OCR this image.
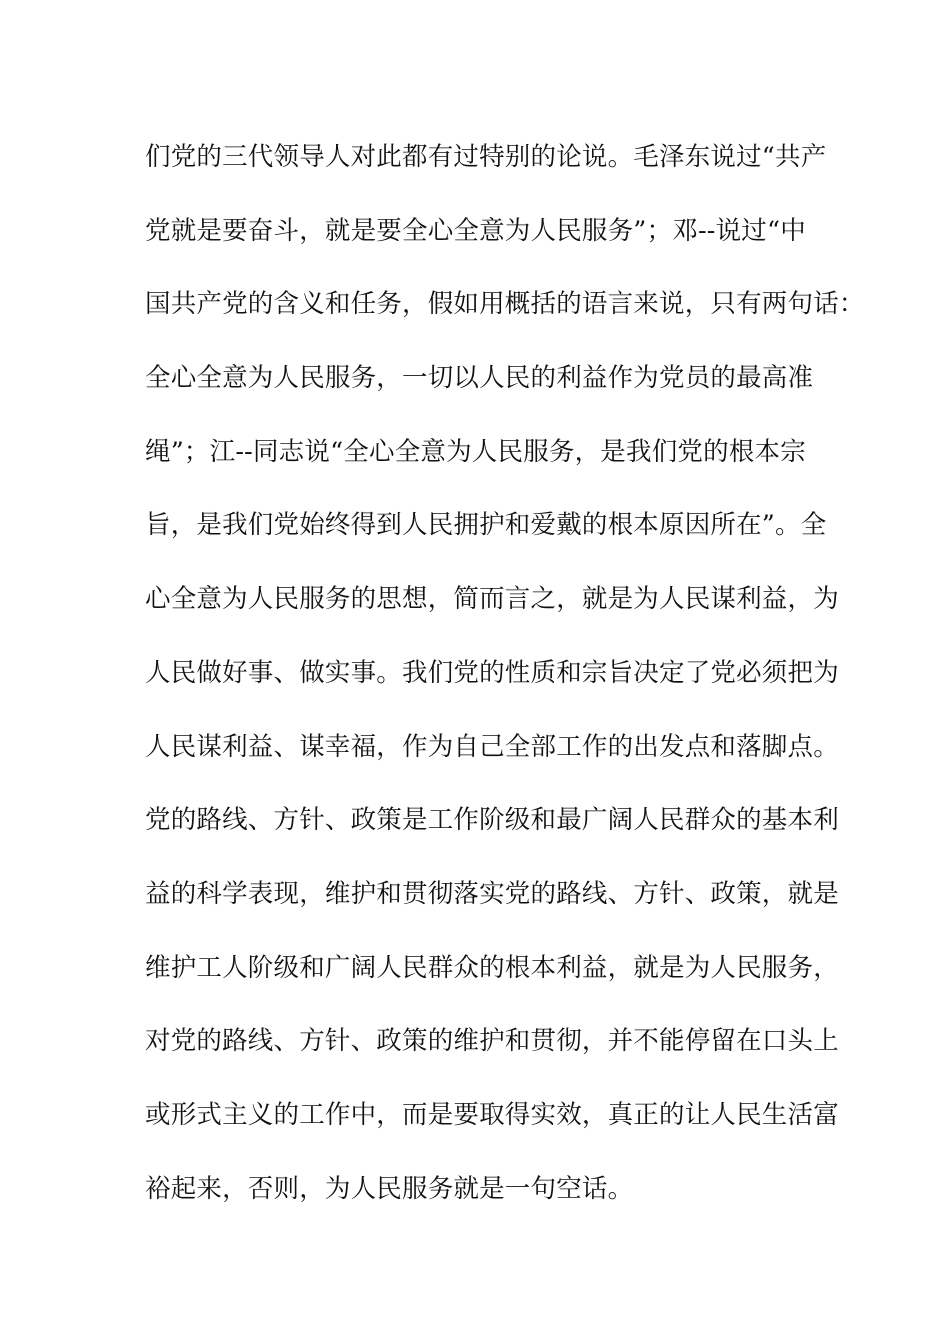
们党的三代领导人对此都有过特别的论说。毛泽东说过“共产
党就是要奋斗，就是要全心全意为人民服务”；邓--说过“中
国共产党的含义和任务，假如用概括的语言来说，只有两句话：
全心全意为人民服务，一切以人民的利益作为党员的最高准
绳”；江--同志说“全心全意为人民服务，是我们党的根本宗
旨，是我们党始终得到人民拥护和爱戴的根本原因所在”。全
心全意为人民服务的思想，简而言之，就是为人民谋利益，为
人民做好事、做实事。我们党的性质和宗旨决定了党必须把为
人民谋利益、谋幸福，作为自己全部工作的出发点和落脚点。
党的路线、方针、政策是工作阶级和最广阔人民群众的基本利
益的科学表现，维护和贯彻落实党的路线、方针、政策，就是
维护工人阶级和广阔人民群众的根本利益，就是为人民服务，
对党的路线、方针、政策的维护和贯彻，并不能停留在口头上
或形式主义的工作中，而是要取得实效，真正的让人民生活富
裕起来，否则，为人民服务就是一句空话。
